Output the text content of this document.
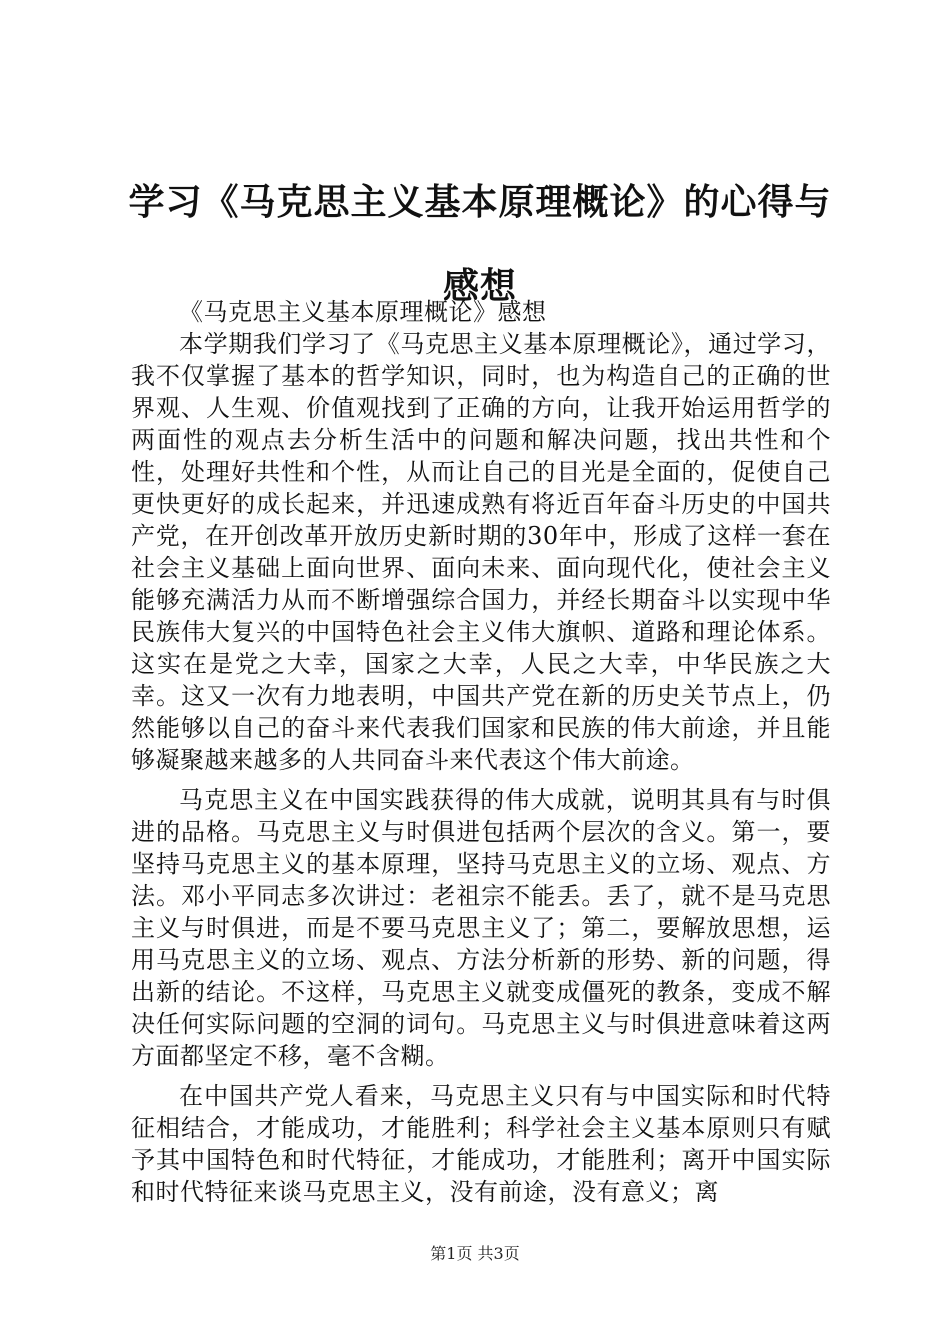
学习《马克思主义基本原理概论》的心得与感想

《马克思主义基本原理概论》感想

本学期我们学习了《马克思主义基本原理概论》，通过学习，我不仅掌握了基本的哲学知识，同时，也为构造自己的正确的世界观、人生观、价值观找到了正确的方向，让我开始运用哲学的两面性的观点去分析生活中的问题和解决问题，找出共性和个性，处理好共性和个性，从而让自己的目光是全面的，促使自己更快更好的成长起来，并迅速成熟有将近百年奋斗历史的中国共产党，在开创改革开放历史新时期的30年中，形成了这样一套在社会主义基础上面向世界、面向未来、面向现代化，使社会主义能够充满活力从而不断增强综合国力，并经长期奋斗以实现中华民族伟大复兴的中国特色社会主义伟大旗帜、道路和理论体系。这实在是党之大幸，国家之大幸，人民之大幸，中华民族之大幸。这又一次有力地表明，中国共产党在新的历史关节点上，仍然能够以自己的奋斗来代表我们国家和民族的伟大前途，并且能够凝聚越来越多的人共同奋斗来代表这个伟大前途。

马克思主义在中国实践获得的伟大成就，说明其具有与时俱进的品格。马克思主义与时俱进包括两个层次的含义。第一，要坚持马克思主义的基本原理，坚持马克思主义的立场、观点、方法。邓小平同志多次讲过：老祖宗不能丢。丢了，就不是马克思主义与时俱进，而是不要马克思主义了；第二，要解放思想，运用马克思主义的立场、观点、方法分析新的形势、新的问题，得出新的结论。不这样，马克思主义就变成僵死的教条，变成不解决任何实际问题的空洞的词句。马克思主义与时俱进意味着这两方面都坚定不移，毫不含糊。

在中国共产党人看来，马克思主义只有与中国实际和时代特征相结合，才能成功，才能胜利；科学社会主义基本原则只有赋予其中国特色和时代特征，才能成功，才能胜利；离开中国实际和时代特征来谈马克思主义，没有前途，没有意义；离

第1页 共3页
